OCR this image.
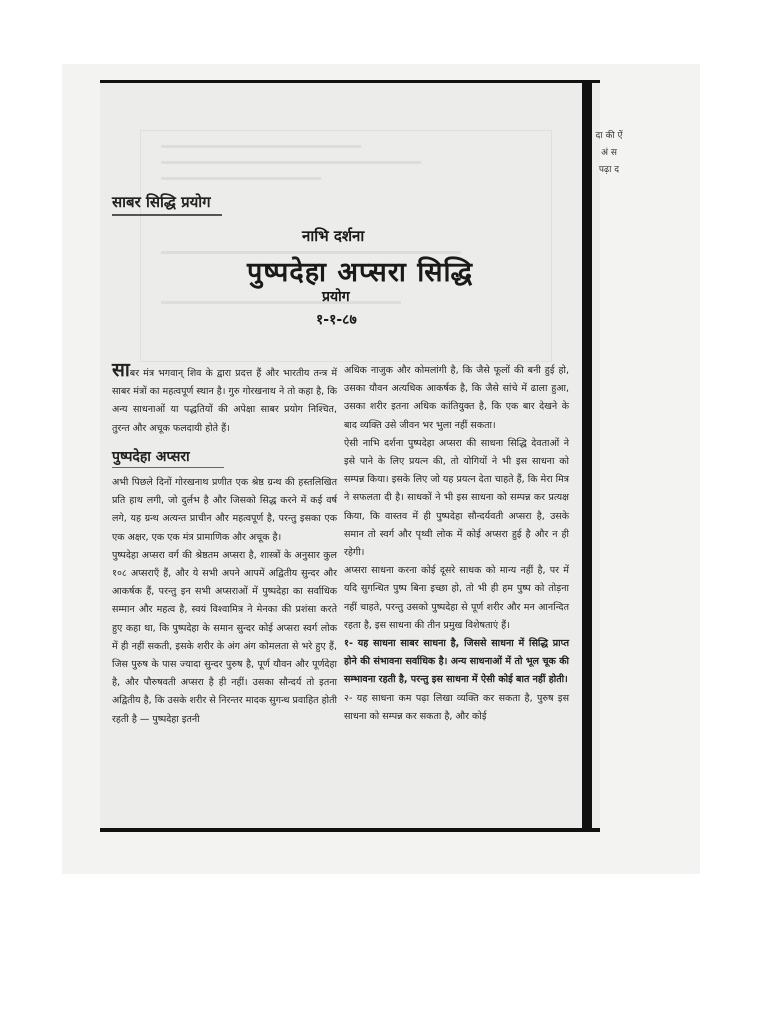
साबर सिद्धि प्रयोग
नाभि दर्शना
पुष्पदेहा अप्सरा सिद्धि
प्रयोग
१-१-८७

साबर मंत्र भगवान् शिव के द्वारा प्रदत्त हैं और भारतीय तन्त्र में साबर मंत्रों का महत्वपूर्ण स्थान है। गुरु गोरखनाथ ने तो कहा है, कि अन्य साधनाओं या पद्धतियों की अपेक्षा साबर प्रयोग निश्चित, तुरन्त और अचूक फलदायी होते हैं।

पुष्पदेहा अप्सरा

अभी पिछले दिनों गोरखनाथ प्रणीत एक श्रेष्ठ ग्रन्थ की हस्तलिखित प्रति हाथ लगी, जो दुर्लभ है और जिसको सिद्ध करने में कई वर्ष लगे, यह ग्रन्थ अत्यन्त प्राचीन और महत्वपूर्ण है, परन्तु इसका एक एक अक्षर, एक एक मंत्र प्रामाणिक और अचूक है।

पुष्पदेहा अप्सरा वर्ग की श्रेष्ठतम अप्सरा है, शास्त्रों के अनुसार कुल १०८ अप्सराएँ हैं, और ये सभी अपने आपमें अद्वितीय सुन्दर और आकर्षक हैं, परन्तु इन सभी अप्सराओं में पुष्पदेहा का सर्वाधिक सम्मान और महत्व है, स्वयं विश्वामित्र ने मेनका की प्रशंसा करते हुए कहा था, कि पुष्पदेहा के समान सुन्दर कोई अप्सरा स्वर्ग लोक में ही नहीं सकती, इसके शरीर के अंग अंग कोमलता से भरे हुए हैं, जिस पुरुष के पास ज्यादा सुन्दर पुरुष है, पूर्ण यौवन और पूर्णदेहा है, और पौरुषवती अप्सरा है ही नहीं। उसका सौन्दर्य तो इतना अद्वितीय है, कि उसके शरीर से निरन्तर मादक सुगन्ध प्रवाहित होती रहती है — पुष्पदेहा इतनी

अधिक नाजुक और कोमलांगी है, कि जैसे फूलों की बनी हुई हो, उसका यौवन अत्यधिक आकर्षक है, कि जैसे सांचे में ढाला हुआ, उसका शरीर इतना अधिक कांतियुक्त है, कि एक बार देखने के बाद व्यक्ति उसे जीवन भर भुला नहीं सकता।

ऐसी नाभि दर्शना पुष्पदेहा अप्सरा की साधना सिद्धि देवताओं ने इसे पाने के लिए प्रयत्न की, तो योगियों ने भी इस साधना को सम्पन्न किया। इसके लिए जो यह प्रयत्न देता चाहते हैं, कि मेरा मित्र ने सफलता दी है। साधकों ने भी इस साधना को सम्पन्न कर प्रत्यक्ष किया, कि वास्तव में ही पुष्पदेहा सौन्दर्यवती अप्सरा है, उसके समान तो स्वर्ग और पृथ्वी लोक में कोई अप्सरा हुई है और न ही रहेगी।

अप्सरा साधना करना कोई दूसरे साधक को मान्य नहीं है, पर में यदि सुगन्धित पुष्प बिना इच्छा हो, तो भी ही हम पुष्प को तोड़ना नहीं चाहते, परन्तु उसको पुष्पदेहा से पूर्ण शरीर और मन आनन्दित रहता है, इस साधना की तीन प्रमुख विशेषताएं हैं।

१- यह साधना साबर साधना है, जिससे साधना में सिद्धि प्राप्त होने की संभावना सर्वाधिक है। अन्य साधनाओं में तो भूल चूक की सम्भावना रहती है, परन्तु इस साधना में ऐसी कोई बात नहीं होती।

२- यह साधना कम पढ़ा लिखा व्यक्ति कर सकता है, पुरुष इस साधना को सम्पन्न कर सकता है, और कोई

दा की ऐं अं स पढ़ा द
